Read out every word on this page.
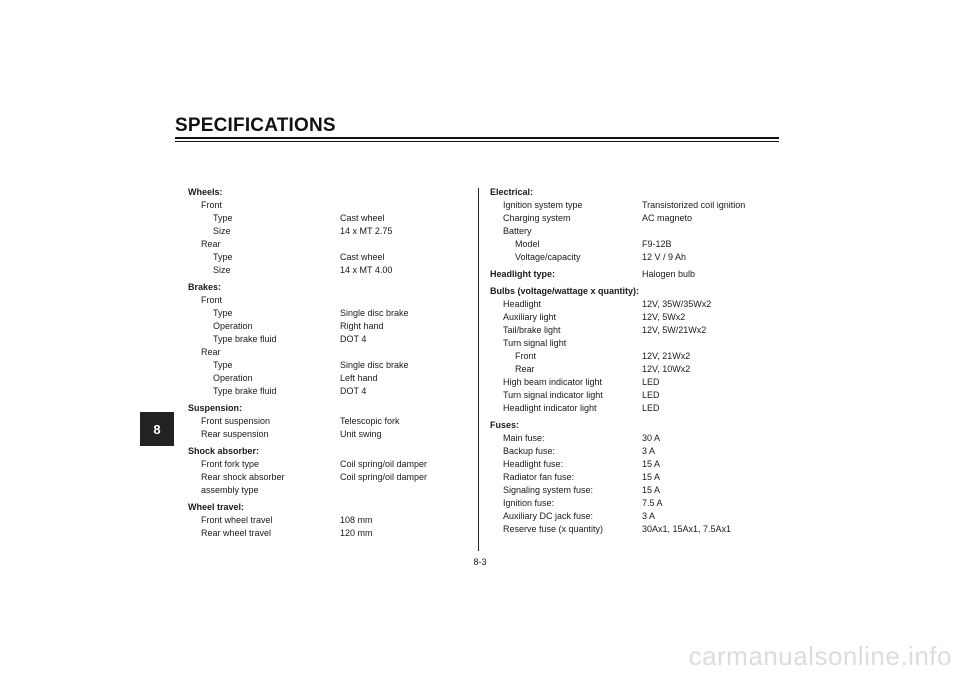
SPECIFICATIONS
8
Wheels:
Front
Type	Cast wheel
Size	14 x MT 2.75
Rear
Type	Cast wheel
Size	14 x MT 4.00
Brakes:
Front
Type	Single disc brake
Operation	Right hand
Type brake fluid	DOT 4
Rear
Type	Single disc brake
Operation	Left hand
Type brake fluid	DOT 4
Suspension:
Front suspension	Telescopic fork
Rear suspension	Unit swing
Shock absorber:
Front fork type	Coil spring/oil damper
Rear shock absorber	Coil spring/oil damper
assembly type
Wheel travel:
Front wheel travel	108 mm
Rear wheel travel	120 mm
Electrical:
Ignition system type	Transistorized coil ignition
Charging system	AC magneto
Battery
Model	F9-12B
Voltage/capacity	12 V / 9 Ah
Headlight type:	Halogen bulb
Bulbs (voltage/wattage x quantity):
Headlight	12V, 35W/35Wx2
Auxiliary light	12V, 5Wx2
Tail/brake light	12V, 5W/21Wx2
Turn signal light
Front	12V, 21Wx2
Rear	12V, 10Wx2
High beam indicator light	LED
Turn signal indicator light	LED
Headlight indicator light	LED
Fuses:
Main fuse:	30 A
Backup fuse:	3 A
Headlight fuse:	15 A
Radiator fan fuse:	15 A
Signaling system fuse:	15 A
Ignition fuse:	7.5 A
Auxiliary DC jack fuse:	3 A
Reserve fuse (x quantity)	30Ax1, 15Ax1, 7.5Ax1
8-3
carmanualsonline.info
